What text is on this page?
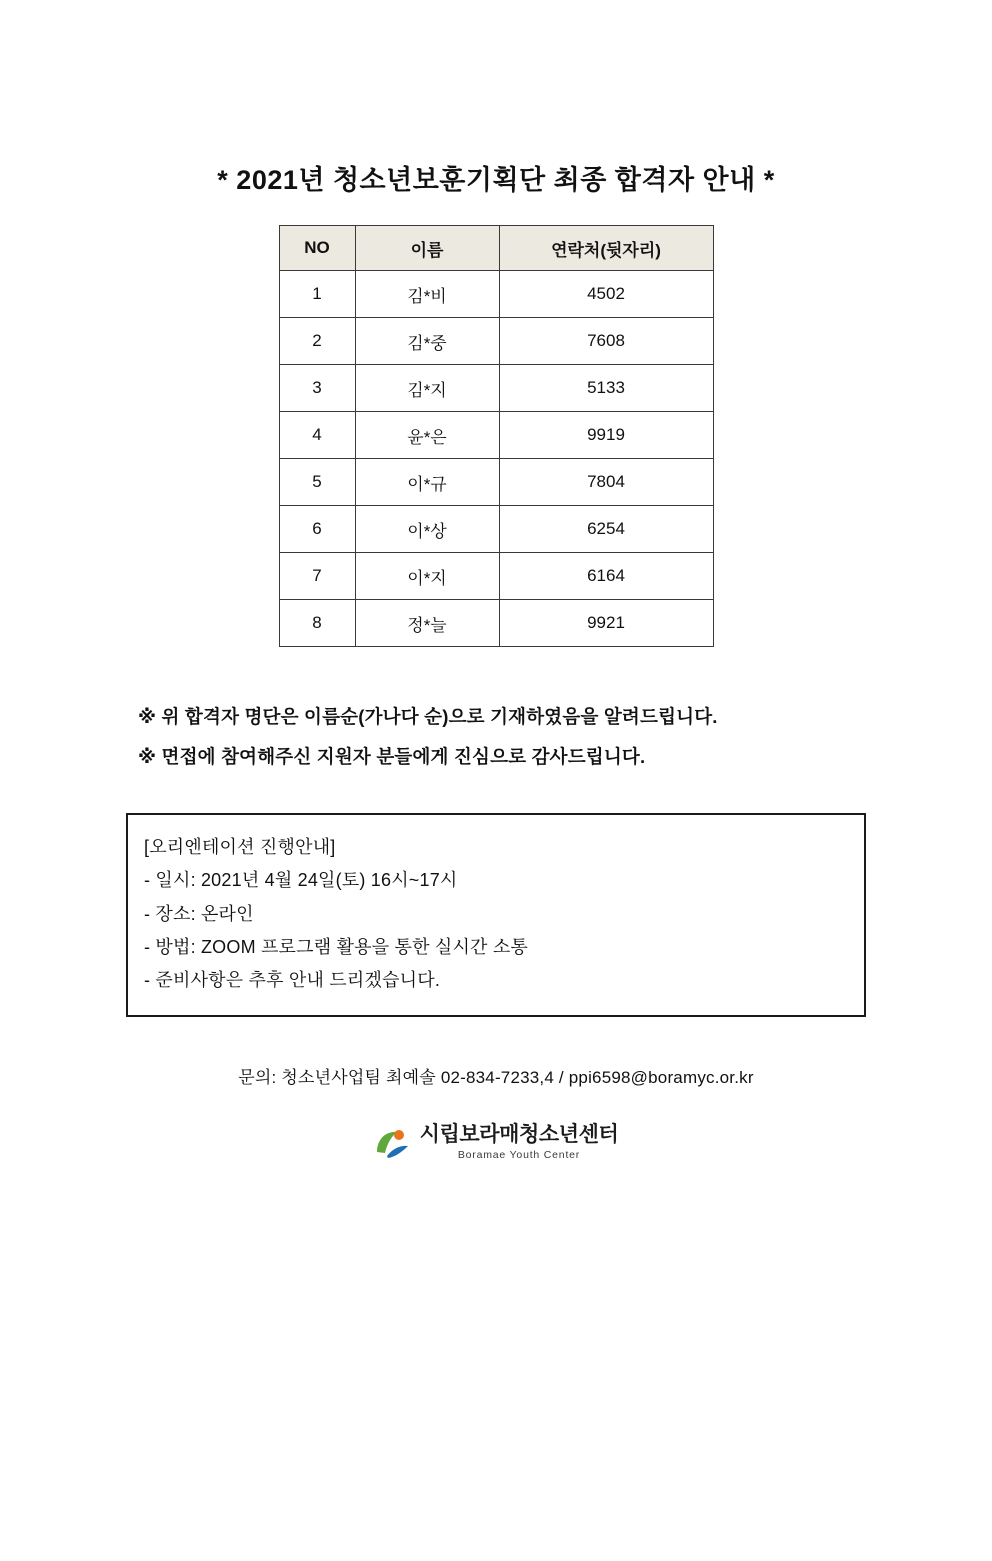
* 2021년 청소년보훈기획단 최종 합격자 안내 *
NO	이름	연락처(뒷자리)
1	김*비	4502
2	김*중	7608
3	김*지	5133
4	윤*은	9919
5	이*규	7804
6	이*상	6254
7	이*지	6164
8	정*늘	9921
※ 위 합격자 명단은 이름순(가나다 순)으로 기재하였음을 알려드립니다.
※ 면접에 참여해주신 지원자 분들에게 진심으로 감사드립니다.
[오리엔테이션 진행안내]
- 일시: 2021년 4월 24일(토) 16시~17시
- 장소: 온라인
- 방법: ZOOM 프로그램 활용을 통한 실시간 소통
- 준비사항은 추후 안내 드리겠습니다.
문의: 청소년사업팀 최예솔 02-834-7233,4 / ppi6598@boramyc.or.kr
시립보라매청소년센터
Boramae Youth Center
